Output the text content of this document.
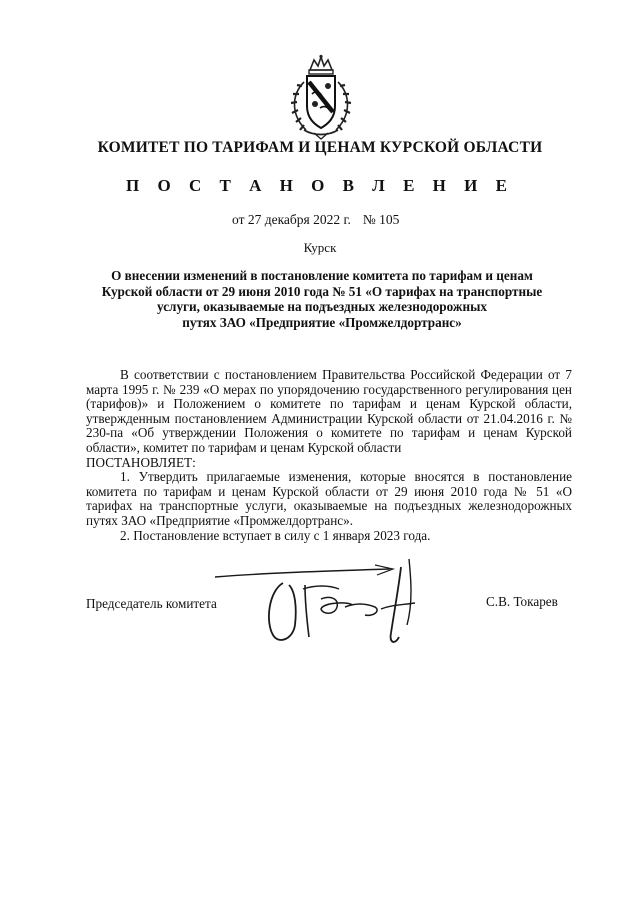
КОМИТЕТ ПО ТАРИФАМ И ЦЕНАМ КУРСКОЙ ОБЛАСТИ
П О С Т А Н О В Л Е Н И Е
от 27 декабря 2022 г. № 105
Курск
О внесении изменений в постановление комитета по тарифам и ценам
Курской области от 29 июня 2010 года № 51 «О тарифах на транспортные
услуги, оказываемые на подъездных железнодорожных
путях ЗАО «Предприятие «Промжелдортранс»

В соответствии с постановлением Правительства Российской Федерации от 7 марта 1995 г. № 239 «О мерах по упорядочению государственного регулирования цен (тарифов)» и Положением о комитете по тарифам и ценам Курской области, утвержденным постановлением Администрации Курской области от 21.04.2016 г. № 230-па «Об утверждении Положения о комитете по тарифам и ценам Курской области», комитет по тарифам и ценам Курской области

ПОСТАНОВЛЯЕТ:

1. Утвердить прилагаемые изменения, которые вносятся в постановление комитета по тарифам и ценам Курской области от 29 июня 2010 года № 51 «О тарифах на транспортные услуги, оказываемые на подъездных железнодорожных путях ЗАО «Предприятие «Промжелдортранс».

2. Постановление вступает в силу с 1 января 2023 года.

Председатель комитета	С.В. Токарев
